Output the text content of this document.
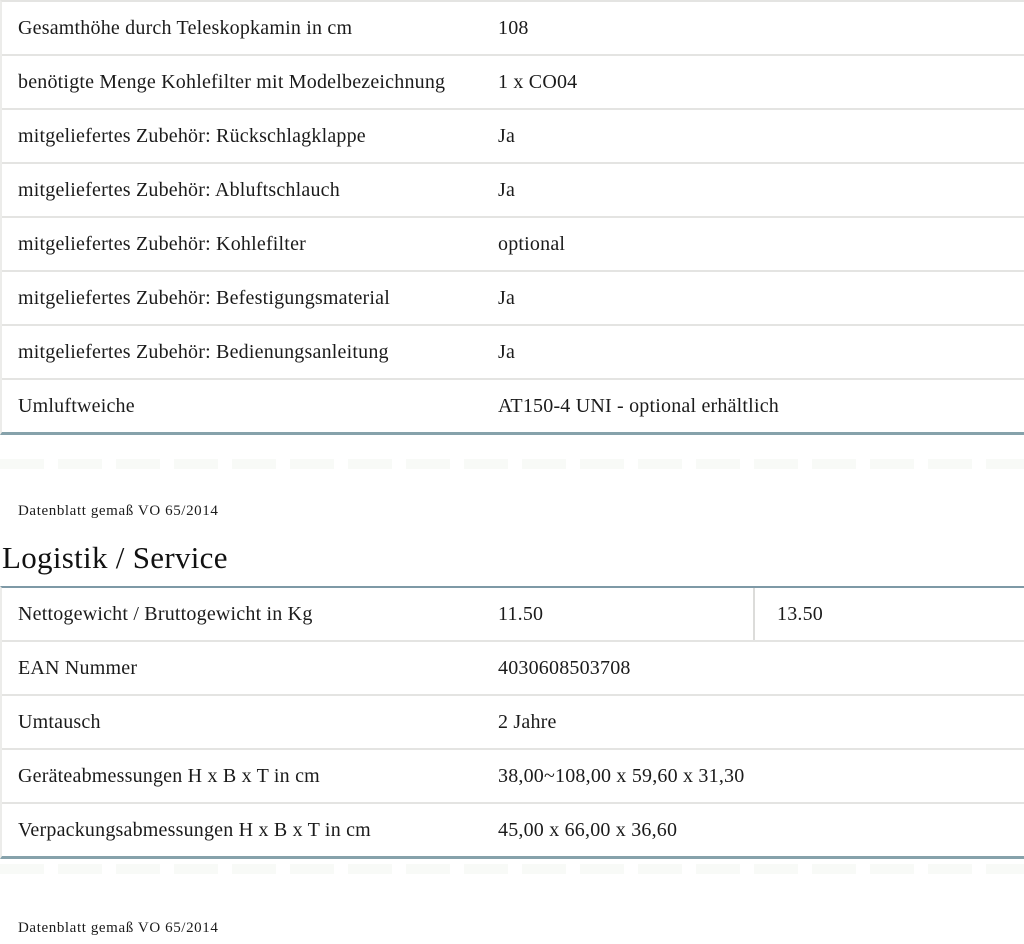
Gesamthöhe durch Teleskopkamin in cm	108
benötigte Menge Kohlefilter mit Modelbezeichnung	1 x CO04
mitgeliefertes Zubehör: Rückschlagklappe	Ja
mitgeliefertes Zubehör: Abluftschlauch	Ja
mitgeliefertes Zubehör: Kohlefilter	optional
mitgeliefertes Zubehör: Befestigungsmaterial	Ja
mitgeliefertes Zubehör: Bedienungsanleitung	Ja
Umluftweiche	AT150-4 UNI - optional erhältlich
Datenblatt gemaß VO 65/2014
Logistik / Service
Nettogewicht / Bruttogewicht in Kg	11.50	13.50
EAN Nummer	4030608503708
Umtausch	2 Jahre
Geräteabmessungen H x B x T in cm	38,00~108,00 x 59,60 x 31,30
Verpackungsabmessungen H x B x T in cm	45,00 x 66,00 x 36,60
Datenblatt gemaß VO 65/2014
